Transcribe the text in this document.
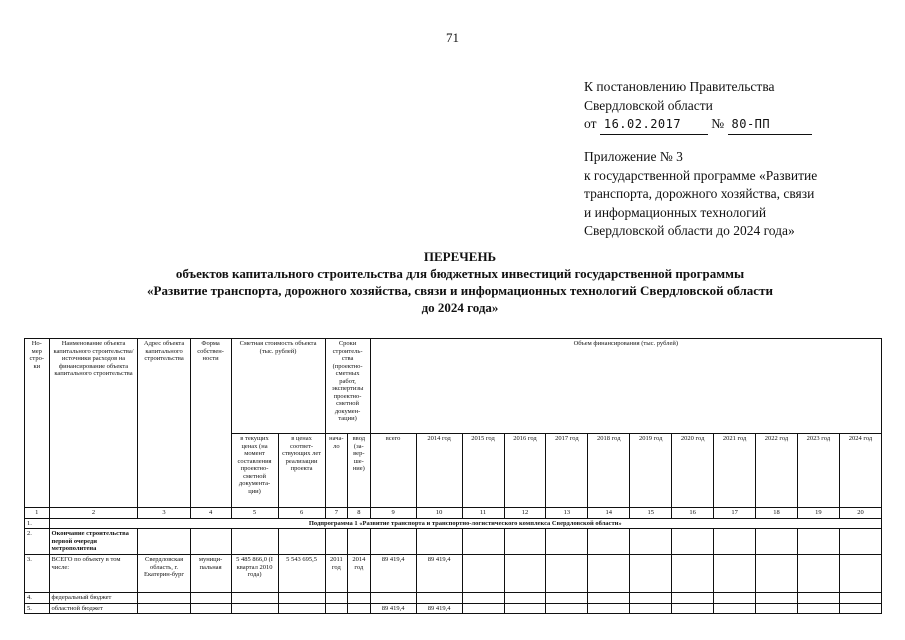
71
К постановлению Правительства
Свердловской области
от 16.02.2017 № 80-ПП
Приложение № 3
к государственной программе «Развитие
транспорта, дорожного хозяйства, связи
и информационных технологий
Свердловской области до 2024 года»
ПЕРЕЧЕНЬ
объектов капитального строительства для бюджетных инвестиций государственной программы
«Развитие транспорта, дорожного хозяйства, связи и информационных технологий Свердловской области
до 2024 года»
Но-мер стро-ки	Наименование объекта капитального строительства/ источники расходов на финансирование объекта капитального строительства	Адрес объекта капитального строительства	Форма собствен-ности	Сметная стоимость объекта (тыс. рублей)		Сроки строитель-ства (проектно-сметных работ, экспертизы проектно-сметной докумен-тации)		Объем финансирования (тыс. рублей)											
				в текущих ценах (на момент составления проектно-сметной документа-ции)	в ценах соответ-ствующих лет реализации проекта	нача-ло	ввод (за-вер-ше-ние)	всего	2014 год	2015 год	2016 год	2017 год	2018 год	2019 год	2020 год	2021 год	2022 год	2023 год	2024 год
1	2	3	4	5	6	7	8	9	10	11	12	13	14	15	16	17	18	19	20
1.	Подпрограмма 1 «Развитие транспорта и транспортно-логистического комплекса Свердловской области»																		
2.	Окончание строительства первой очереди метрополитена																		
3.	ВСЕГО по объекту в том числе:	Свердловская область, г. Екатерин-бург	муници-пальная	5 485 866,0 (I квартал 2010 года)	5 543 695,5	2011 год	2014 год	89 419,4	89 419,4										
4.	федеральный бюджет																		
5.	областной бюджет							89 419,4	89 419,4										
